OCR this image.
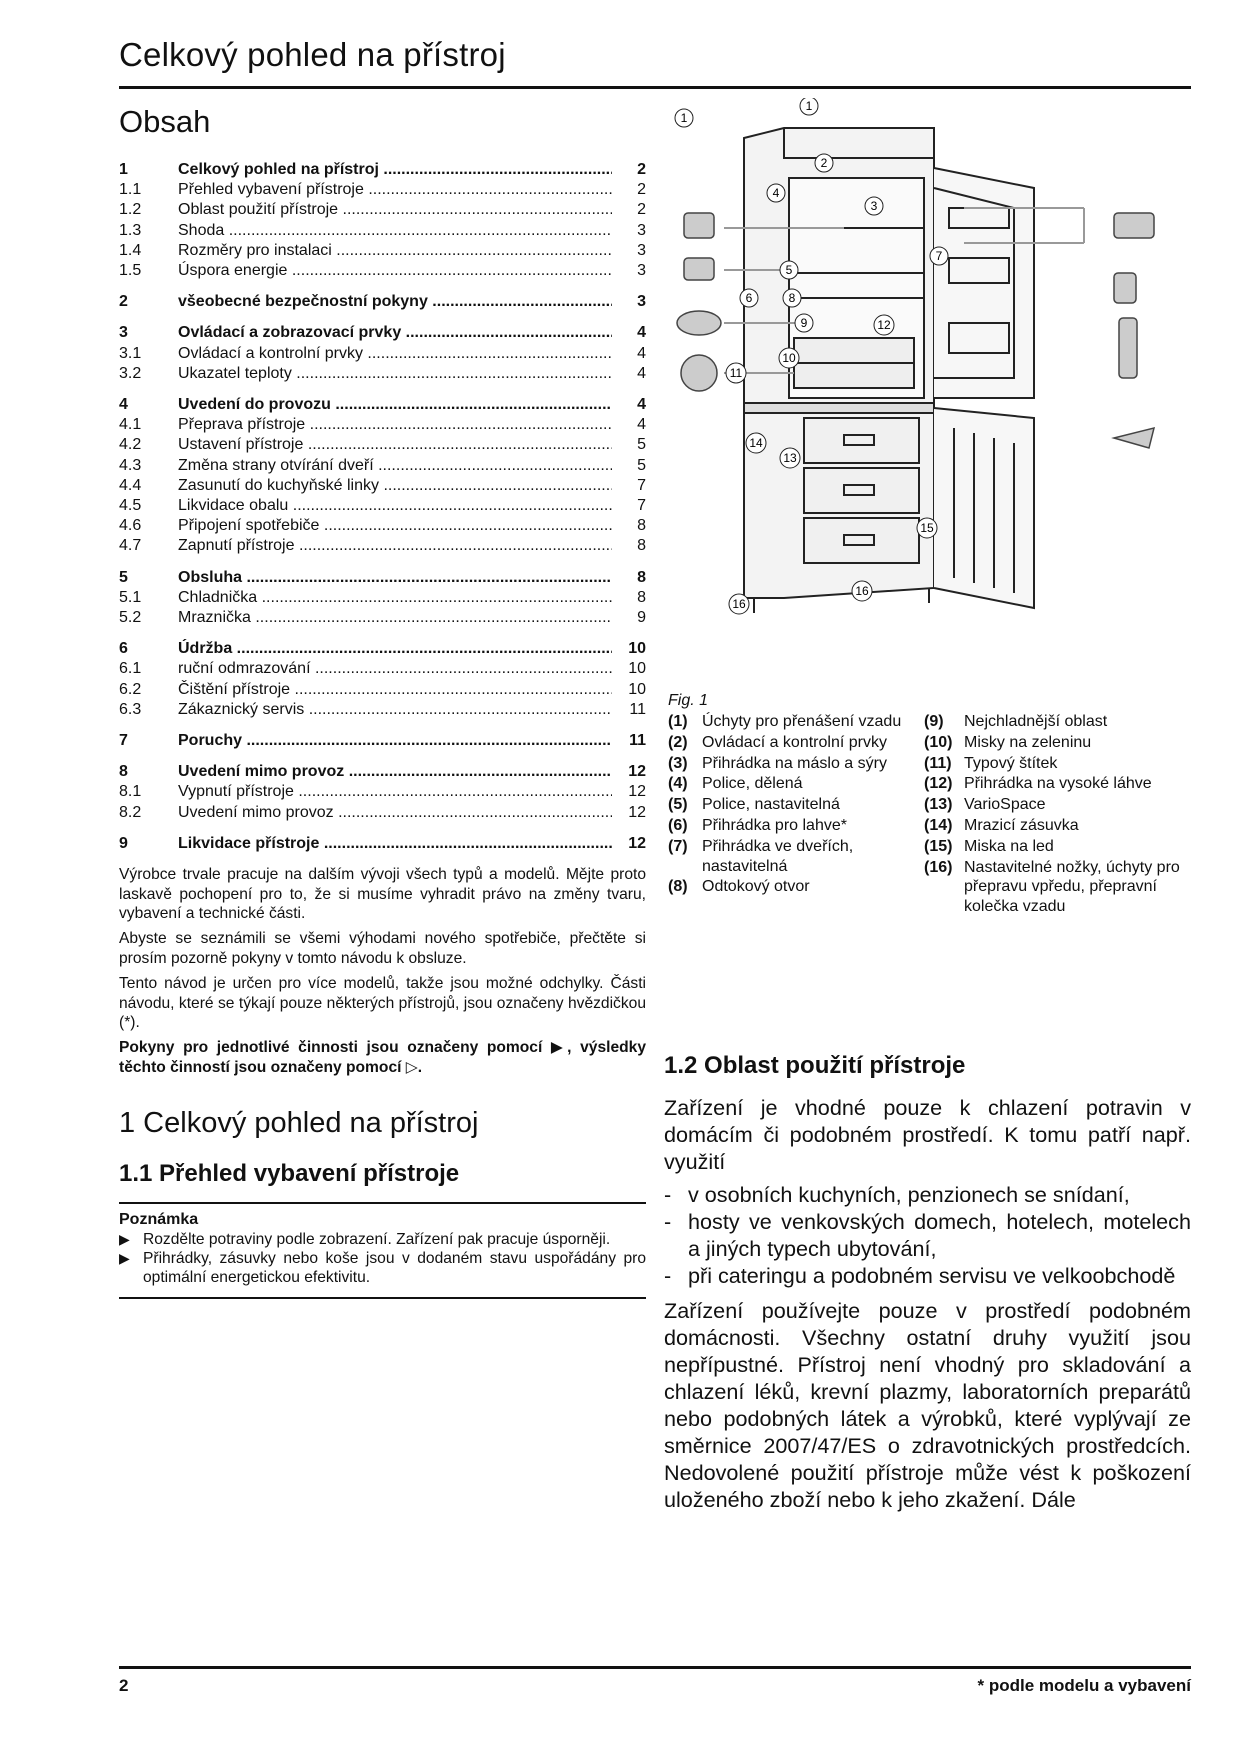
Celkový pohled na přístroj
Obsah
1	Celkový pohled na přístroj .....	2
1.1	Přehled vybavení přístroje .....	2
1.2	Oblast použití přístroje .....	2
1.3	Shoda .....	3
1.4	Rozměry pro instalaci .....	3
1.5	Úspora energie .....	3
2	všeobecné bezpečnostní pokyny .....	3
3	Ovládací a zobrazovací prvky .....	4
3.1	Ovládací a kontrolní prvky .....	4
3.2	Ukazatel teploty .....	4
4	Uvedení do provozu .....	4
4.1	Přeprava přístroje .....	4
4.2	Ustavení přístroje .....	5
4.3	Změna strany otvírání dveří .....	5
4.4	Zasunutí do kuchyňské linky .....	7
4.5	Likvidace obalu .....	7
4.6	Připojení spotřebiče .....	8
4.7	Zapnutí přístroje .....	8
5	Obsluha .....	8
5.1	Chladnička .....	8
5.2	Mraznička .....	9
6	Údržba .....	10
6.1	ruční odmrazování .....	10
6.2	Čištění přístroje .....	10
6.3	Zákaznický servis .....	11
7	Poruchy .....	11
8	Uvedení mimo provoz .....	12
8.1	Vypnutí přístroje .....	12
8.2	Uvedení mimo provoz .....	12
9	Likvidace přístroje .....	12

Výrobce trvale pracuje na dalším vývoji všech typů a modelů. Mějte proto laskavě pochopení pro to, že si musíme vyhradit právo na změny tvaru, vybavení a technické části.

Abyste se seznámili se všemi výhodami nového spotřebiče, přečtěte si prosím pozorně pokyny v tomto návodu k obsluze.

Tento návod je určen pro více modelů, takže jsou možné odchylky. Části návodu, které se týkají pouze některých přístrojů, jsou označeny hvězdičkou (*).

Pokyny pro jednotlivé činnosti jsou označeny pomocí ▶, výsledky těchto činností jsou označeny pomocí ▷.

1 Celkový pohled na přístroj
1.1 Přehled vybavení přístroje
Poznámka
▶ Rozdělte potraviny podle zobrazení. Zařízení pak pracuje úsporněji.
▶ Přihrádky, zásuvky nebo koše jsou v dodaném stavu uspořádány pro optimální energetickou efektivitu.
1
1
2
3
4
5
6
7
8
9
10
11
12
13
14
15
16
16
Fig. 1
(1) Úchyty pro přenášení vzadu
(2) Ovládací a kontrolní prvky
(3) Přihrádka na máslo a sýry
(4) Police, dělená
(5) Police, nastavitelná
(6) Přihrádka pro lahve*
(7) Přihrádka ve dveřích, nastavitelná
(8) Odtokový otvor
(9)	Nejchladnější oblast
(10) Misky na zeleninu
(11) Typový štítek
(12) Přihrádka na vysoké láhve
(13) VarioSpace
(14) Mrazicí zásuvka
(15) Miska na led
(16) Nastavitelné nožky, úchyty pro přepravu vpředu, přepravní kolečka vzadu
1.2 Oblast použití přístroje

Zařízení je vhodné pouze k chlazení potravin v domácím či podobném prostředí. K tomu patří např. využití

- v osobních kuchyních, penzionech se snídaní,
- hosty ve venkovských domech, hotelech, motelech a jiných typech ubytování,
- při cateringu a podobném servisu ve velkoobchodě

Zařízení používejte pouze v prostředí podobném domácnosti. Všechny ostatní druhy využití jsou nepřípustné. Přístroj není vhodný pro skladování a chlazení léků, krevní plazmy, laboratorních preparátů nebo podobných látek a výrobků, které vyplývají ze směrnice 2007/47/ES o zdravotnických prostředcích. Nedovolené použití přístroje může vést k poškození uloženého zboží nebo k jeho zkažení. Dále

2	* podle modelu a vybavení
